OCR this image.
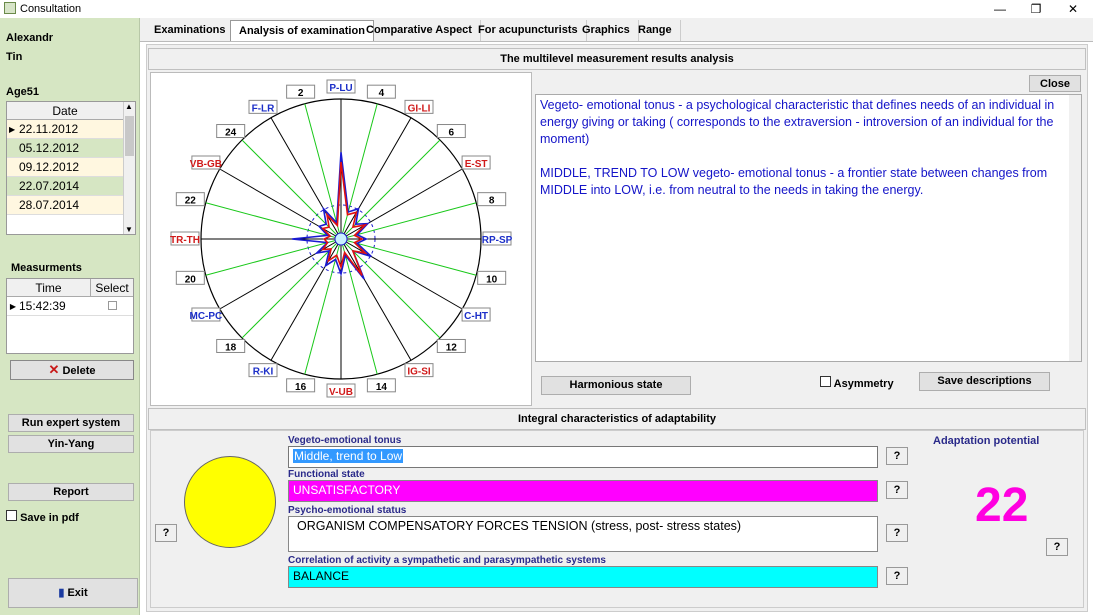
Consultation	—	❐	✕
Alexandr
Tin
Age51
Date
▶ 22.11.2012
05.12.2012
09.12.2012
22.07.2014
28.07.2014
▲
▼
Measurments
Time	Select
▶ 15:42:39
✕ Delete
Run expert system
Yin-Yang
Report
Save in pdf
▮ Exit
Examinations	Analysis of examination Comparative Aspect For acupuncturists Graphics Range
The multilevel measurement results analysis
P-LU	4
GI-LI
6
E-ST
8
RP-SP
10
C-HT
12
IG-SI
14
V-UB
16
R-KI
18
MC-PC
20
TR-TH
22
VB-GB
24
F-LR
2
Close
Vegeto- emotional tonus - a psychological characteristic that defines needs of an individual in energy giving or taking ( corresponds to the extraversion - introversion of an individual for the moment)
MIDDLE, TREND TO LOW vegeto- emotional tonus - a frontier state between changes from MIDDLE into LOW, i.e. from neutral to the needs in taking the energy.
Harmonious state	Asymmetry	Save descriptions
Integral characteristics of adaptability
?
Vegeto-emotional tonus
Middle, trend to Low	?
Functional state
UNSATISFACTORY	?
Psycho-emotional status
ORGANISM COMPENSATORY FORCES TENSION (stress, post- stress states)	?
Correlation of activity a sympathetic and parasympathetic systems
BALANCE	?
Adaptation potential
22
?
